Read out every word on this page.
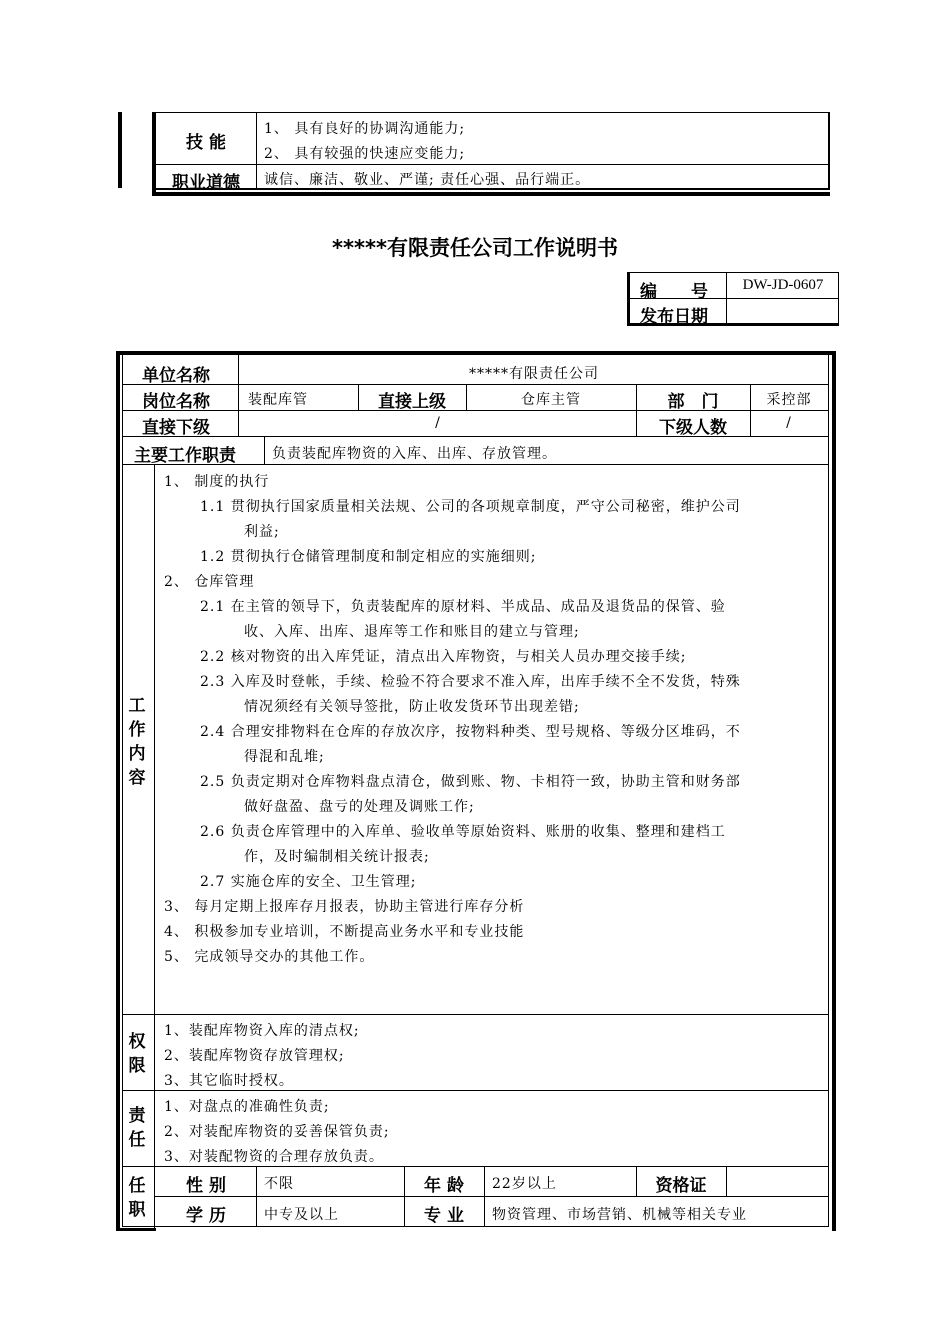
技 能
1、 具有良好的协调沟通能力;
2、 具有较强的快速应变能力;
职业道德	诚信、廉洁、敬业、严谨; 责任心强、品行端正。
*****有限责任公司工作说明书
编　　号	DW-JD-0607
发布日期
单位名称	*****有限责任公司
岗位名称	装配库管	直接上级	仓库主管	部　门	采控部
直接下级	/	下级人数	/
主要工作职责	负责装配库物资的入库、出库、存放管理。
工作内容
1、 制度的执行
1.1 贯彻执行国家质量相关法规、公司的各项规章制度，严守公司秘密，维护公司
利益;
1.2 贯彻执行仓储管理制度和制定相应的实施细则;
2、 仓库管理
2.1 在主管的领导下，负责装配库的原材料、半成品、成品及退货品的保管、验
收、入库、出库、退库等工作和账目的建立与管理;
2.2 核对物资的出入库凭证，清点出入库物资，与相关人员办理交接手续;
2.3 入库及时登帐，手续、检验不符合要求不准入库，出库手续不全不发货，特殊
情况须经有关领导签批，防止收发货环节出现差错;
2.4 合理安排物料在仓库的存放次序，按物料种类、型号规格、等级分区堆码，不
得混和乱堆;
2.5 负责定期对仓库物料盘点清仓，做到账、物、卡相符一致，协助主管和财务部
做好盘盈、盘亏的处理及调账工作;
2.6 负责仓库管理中的入库单、验收单等原始资料、账册的收集、整理和建档工
作，及时编制相关统计报表;
2.7 实施仓库的安全、卫生管理;
3、 每月定期上报库存月报表，协助主管进行库存分析
4、 积极参加专业培训，不断提高业务水平和专业技能
5、 完成领导交办的其他工作。
权限
1、装配库物资入库的清点权;
2、装配库物资存放管理权;
3、其它临时授权。
责任
1、对盘点的准确性负责;
2、对装配库物资的妥善保管负责;
3、对装配物资的合理存放负责。
任职
性 别	不限	年 龄	22岁以上	资格证
学 历	中专及以上	专 业	物资管理、市场营销、机械等相关专业
